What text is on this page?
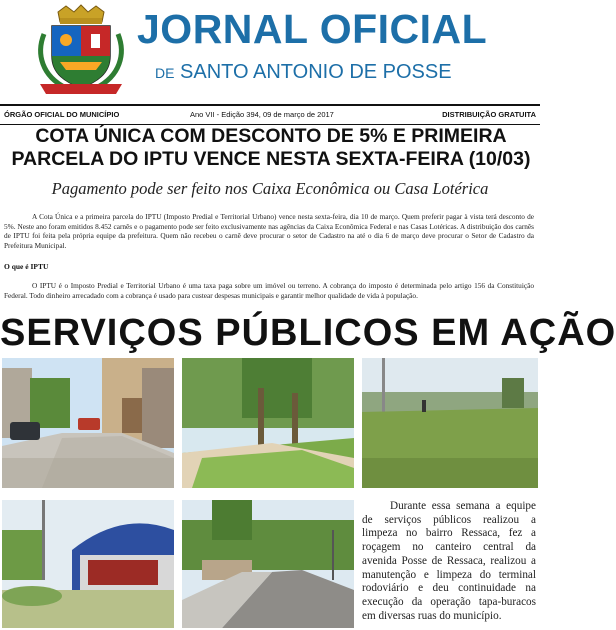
JORNAL OFICIAL
DE SANTO ANTONIO DE POSSE
ÓRGÃO OFICIAL DO MUNICÍPIO	Ano VII - Edição 394, 09 de março de 2017	DISTRIBUIÇÃO GRATUITA
COTA ÚNICA COM DESCONTO DE 5% E PRIMEIRA PARCELA DO IPTU VENCE NESTA SEXTA-FEIRA (10/03)
Pagamento pode ser feito nos Caixa Econômica ou Casa Lotérica
A Cota Única e a primeira parcela do IPTU (Imposto Predial e Territorial Urbano) vence nesta sexta-feira, dia 10 de março. Quem preferir pagar à vista terá desconto de 5%. Neste ano foram emitidos 8.452 carnês e o pagamento pode ser feito exclusivamente nas agências da Caixa Econômica Federal e nas Casas Lotéricas. A distribuição dos carnês de IPTU foi feita pela própria equipe da prefeitura. Quem não recebeu o carnê deve procurar o setor de Cadastro na até o dia 6 de março deve procurar o Setor de Cadastro da Prefeitura Municipal.
O que é IPTU
O IPTU é o Imposto Predial e Territorial Urbano é uma taxa paga sobre um imóvel ou terreno. A cobrança do imposto é determinada pelo artigo 156 da Constituição Federal. Todo dinheiro arrecadado com a cobrança é usado para custear despesas municipais e garantir melhor qualidade de vida à população.
SERVIÇOS PÚBLICOS EM AÇÃO
Durante essa semana a equipe de serviços públicos realizou a limpeza no bairro Ressaca, fez a roçagem no canteiro central da avenida Posse de Ressaca, realizou a manutenção e limpeza do terminal rodoviário e deu continuidade na execução da operação tapa-buracos em diversas ruas do município.
